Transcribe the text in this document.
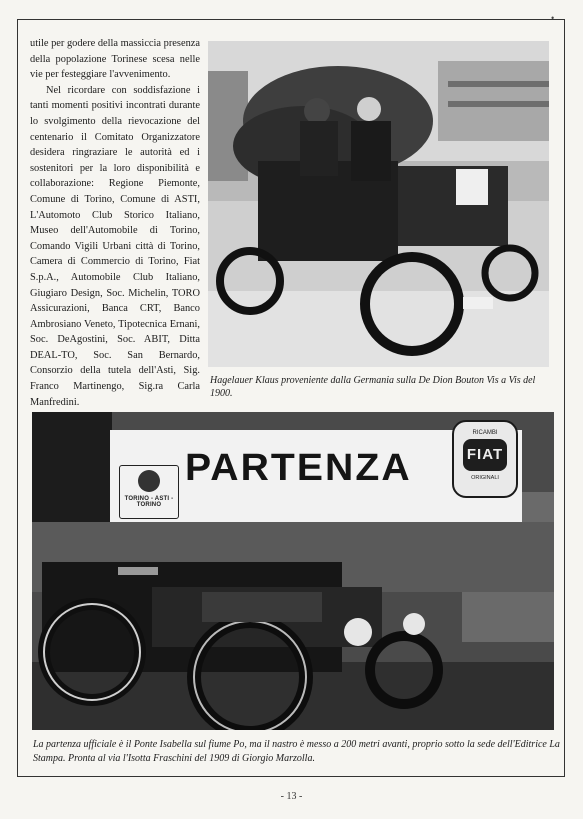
•

utile per godere della massiccia presenza della popolazione Torinese scesa nelle vie per festeggiare l'avvenimento.

Nel ricordare con soddisfazione i tanti momenti positivi incontrati durante lo svolgimento della rievocazione del centenario il Comitato Organizzatore desidera ringraziare le autorità ed i sostenitori per la loro disponibilità e collaborazione: Regione Piemonte, Comune di Torino, Comune di ASTI, L'Automoto Club Storico Italiano, Museo dell'Automobile di Torino, Comando Vigili Urbani città di Torino, Camera di Commercio di Torino, Fiat S.p.A., Automobile Club Italiano, Giugiaro Design, Soc. Michelin, TORO Assicurazioni, Banca CRT, Banco Ambrosiano Veneto, Tipotecnica Ernani, Soc. DeAgostini, Soc. ABIT, Ditta DEAL-TO, Soc. San Bernardo, Consorzio della tutela dell'Asti, Sig. Franco Martinengo, Sig.ra Carla Manfredini.

Hagelauer Klaus proveniente dalla Germania sulla De Dion Bouton Vis a Vis del 1900.
PARTENZA
TORINO - ASTI - TORINO
RICAMBI
FIAT
ORIGINALI
La partenza ufficiale è il Ponte Isabella sul fiume Po, ma il nastro è messo a 200 metri avanti, proprio sotto la sede dell'Editrice La Stampa. Pronta al via l'Isotta Fraschini del 1909 di Giorgio Marzolla.
- 13 -
